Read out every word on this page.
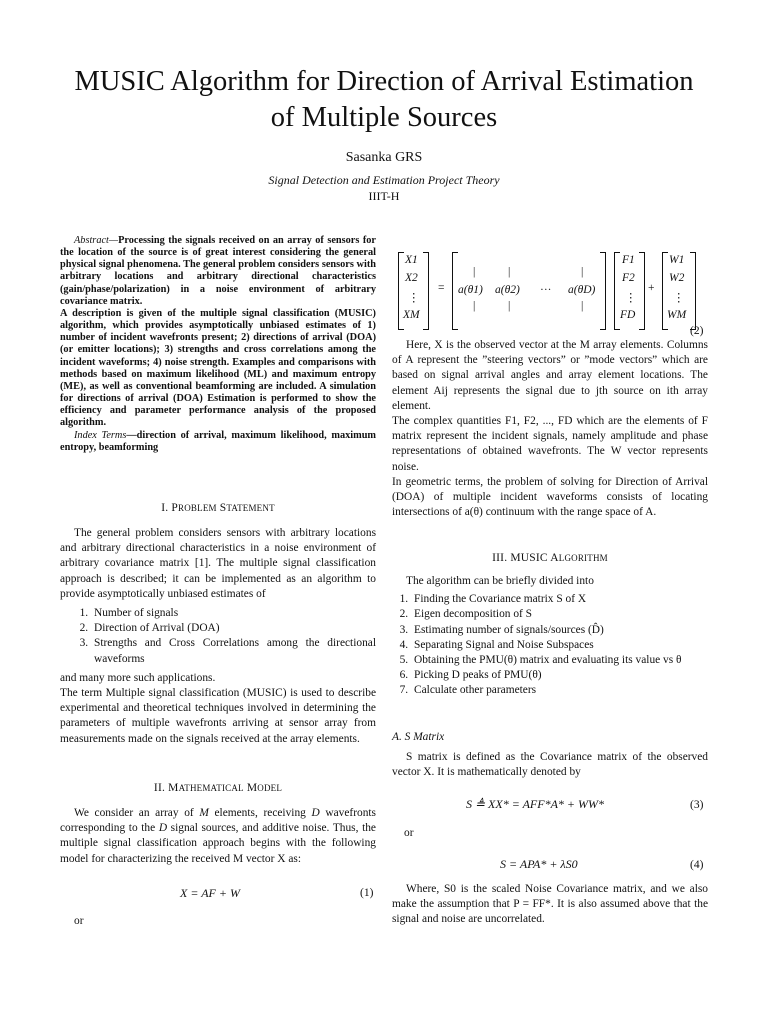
MUSIC Algorithm for Direction of Arrival Estimation of Multiple Sources
Sasanka GRS
Signal Detection and Estimation Project Theory
IIIT-H

Abstract—Processing the signals received on an array of sensors for the location of the source is of great interest considering the general physical signal phenomena. The general problem considers sensors with arbitrary locations and arbitrary directional characteristics (gain/phase/polarization) in a noise environment of arbitrary covariance matrix.

A description is given of the multiple signal classification (MUSIC) algorithm, which provides asymptotically unbiased estimates of 1) number of incident wavefronts present; 2) directions of arrival (DOA) (or emitter locations); 3) strengths and cross correlations among the incident waveforms; 4) noise strength. Examples and comparisons with methods based on maximum likelihood (ML) and maximum entropy (ME), as well as conventional beamforming are included. A simulation for directions of arrival (DOA) Estimation is performed to show the efficiency and parameter performance analysis of the proposed algorithm.

Index Terms—direction of arrival, maximum likelihood, maximum entropy, beamforming

I. PROBLEM STATEMENT

The general problem considers sensors with arbitrary locations and arbitrary directional characteristics in a noise environment of arbitrary covariance matrix [1]. The multiple signal classification approach is described; it can be implemented as an algorithm to provide asymptotically unbiased estimates of

1. Number of signals
2. Direction of Arrival (DOA)
3. Strengths and Cross Correlations among the directional waveforms

and many more such applications.

The term Multiple signal classification (MUSIC) is used to describe experimental and theoretical techniques involved in determining the parameters of multiple wavefronts arriving at sensor array from measurements made on the signals received at the array elements.

II. MATHEMATICAL MODEL

We consider an array of M elements, receiving D wavefronts corresponding to the D signal sources, and additive noise. Thus, the multiple signal classification approach begins with the following model for characterizing the received M vector X as:

X = AF + W	(1)
or
X1
X2
⋮
XM
=
|	|	|
a(θ1) a(θ2) ··· a(θD)
|	|	|
F1
F2
⋮
FD
+
W1
W2
⋮
WM
(2)

Here, X is the observed vector at the M array elements. Columns of A represent the ”steering vectors” or ”mode vectors” which are based on signal arrival angles and array element locations. The element Aij represents the signal due to jth source on ith array element.

The complex quantities F1, F2, ..., FD which are the elements of F matrix represent the incident signals, namely amplitude and phase representations of obtained wavefronts. The W vector represents noise.

In geometric terms, the problem of solving for Direction of Arrival (DOA) of multiple incident waveforms consists of locating intersections of a(θ) continuum with the range space of A.

III. MUSIC ALGORITHM

The algorithm can be briefly divided into

1. Finding the Covariance matrix S of X
2. Eigen decomposition of S
3. Estimating number of signals/sources (D̂)
4. Separating Signal and Noise Subspaces
5. Obtaining the PMU(θ) matrix and evaluating its value vs θ
6. Picking D peaks of PMU(θ)
7. Calculate other parameters
A. S Matrix

S matrix is defined as the Covariance matrix of the observed vector X. It is mathematically denoted by

S ≜ XX* = AFF*A* + WW*	(3)
or
S = APA* + λS0	(4)

Where, S0 is the scaled Noise Covariance matrix, and we also make the assumption that P = FF*. It is also assumed above that the signal and noise are uncorrelated.
